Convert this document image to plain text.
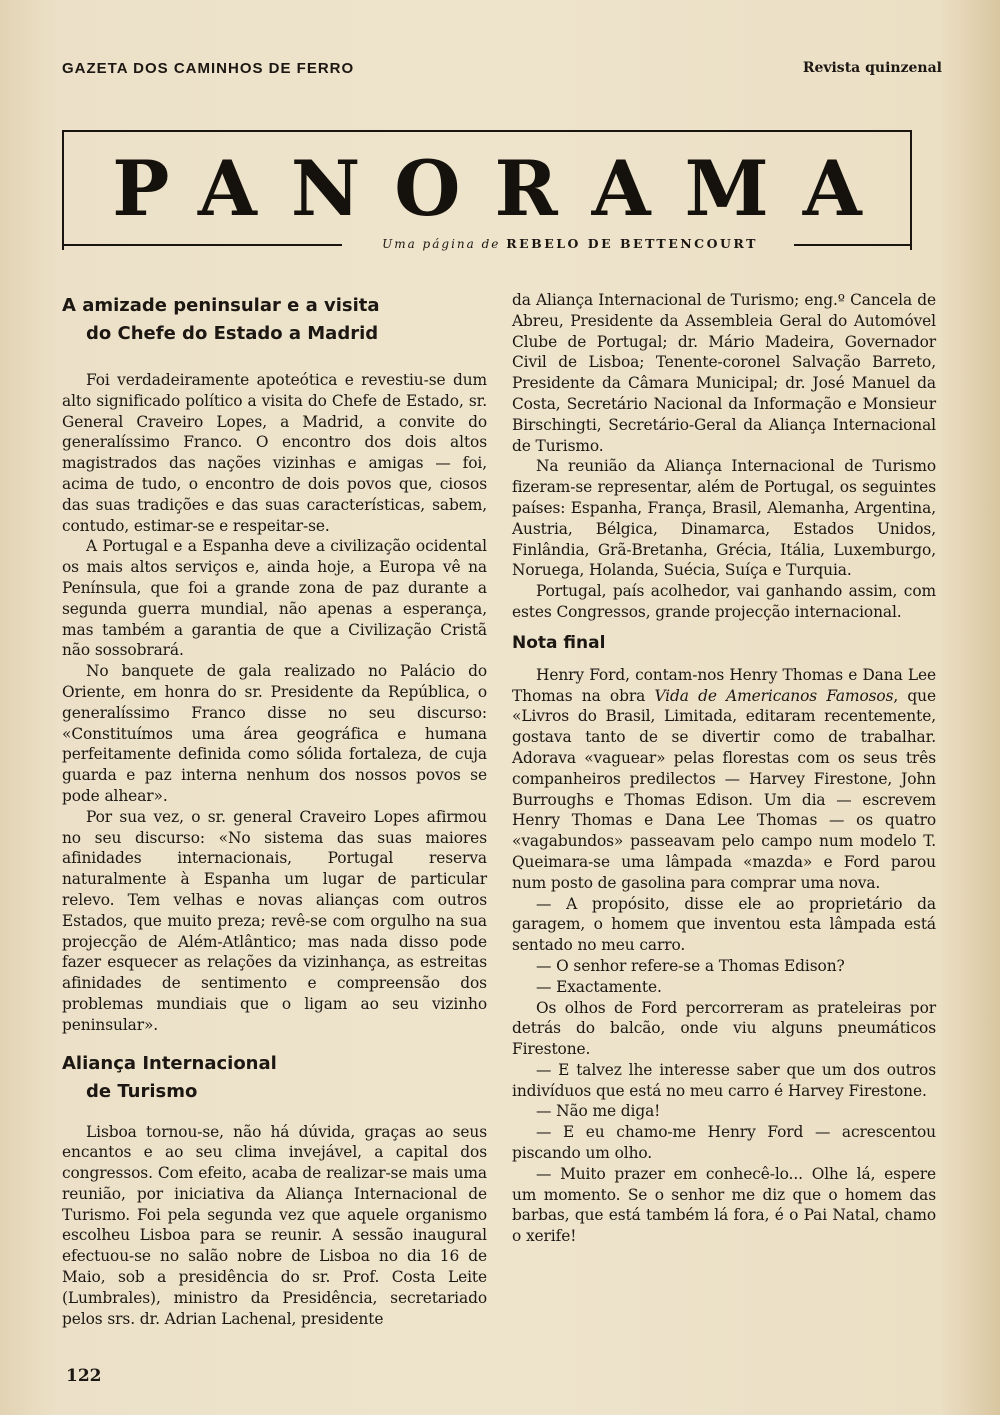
GAZETA DOS CAMINHOS DE FERRO	Revista quinzenal
PANORAMA
Uma página de REBELO DE BETTENCOURT
A amizade peninsular e a visita
do Chefe do Estado a Madrid

Foi verdadeiramente apoteótica e revestiu-se dum alto significado político a visita do Chefe de Estado, sr. General Craveiro Lopes, a Madrid, a convite do generalíssimo Franco. O encontro dos dois altos magistrados das nações vizinhas e amigas — foi, acima de tudo, o encontro de dois povos que, ciosos das suas tradições e das suas características, sabem, contudo, estimar-se e respeitar-se.

A Portugal e a Espanha deve a civilização ocidental os mais altos serviços e, ainda hoje, a Europa vê na Península, que foi a grande zona de paz durante a segunda guerra mundial, não apenas a esperança, mas também a garantia de que a Civilização Cristã não sossobrará.

No banquete de gala realizado no Palácio do Oriente, em honra do sr. Presidente da República, o generalíssimo Franco disse no seu discurso: «Constituímos uma área geográfica e humana perfeitamente definida como sólida fortaleza, de cuja guarda e paz interna nenhum dos nossos povos se pode alhear».

Por sua vez, o sr. general Craveiro Lopes afirmou no seu discurso: «No sistema das suas maiores afinidades internacionais, Portugal reserva naturalmente à Espanha um lugar de particular relevo. Tem velhas e novas alianças com outros Estados, que muito preza; revê-se com orgulho na sua projecção de Além-Atlântico; mas nada disso pode fazer esquecer as relações da vizinhança, as estreitas afinidades de sentimento e compreensão dos problemas mundiais que o ligam ao seu vizinho peninsular».

Aliança Internacional
de Turismo

Lisboa tornou-se, não há dúvida, graças ao seus encantos e ao seu clima invejável, a capital dos congressos. Com efeito, acaba de realizar-se mais uma reunião, por iniciativa da Aliança Internacional de Turismo. Foi pela segunda vez que aquele organismo escolheu Lisboa para se reunir. A sessão inaugural efectuou-se no salão nobre de Lisboa no dia 16 de Maio, sob a presidência do sr. Prof. Costa Leite (Lumbrales), ministro da Presidência, secretariado pelos srs. dr. Adrian Lachenal, presidente

da Aliança Internacional de Turismo; eng.º Cancela de Abreu, Presidente da Assembleia Geral do Automóvel Clube de Portugal; dr. Mário Madeira, Governador Civil de Lisboa; Tenente-coronel Salvação Barreto, Presidente da Câmara Municipal; dr. José Manuel da Costa, Secretário Nacional da Informação e Monsieur Birschingti, Secretário-Geral da Aliança Internacional de Turismo.

Na reunião da Aliança Internacional de Turismo fizeram-se representar, além de Portugal, os seguintes países: Espanha, França, Brasil, Alemanha, Argentina, Austria, Bélgica, Dinamarca, Estados Unidos, Finlândia, Grã-Bretanha, Grécia, Itália, Luxemburgo, Noruega, Holanda, Suécia, Suíça e Turquia.

Portugal, país acolhedor, vai ganhando assim, com estes Congressos, grande projecção internacional.

Nota final

Henry Ford, contam-nos Henry Thomas e Dana Lee Thomas na obra Vida de Americanos Famosos, que «Livros do Brasil, Limitada, editaram recentemente, gostava tanto de se divertir como de trabalhar. Adorava «vaguear» pelas florestas com os seus três companheiros predilectos — Harvey Firestone, John Burroughs e Thomas Edison. Um dia — escrevem Henry Thomas e Dana Lee Thomas — os quatro «vagabundos» passeavam pelo campo num modelo T. Queimara-se uma lâmpada «mazda» e Ford parou num posto de gasolina para comprar uma nova.

— A propósito, disse ele ao proprietário da garagem, o homem que inventou esta lâmpada está sentado no meu carro.

— O senhor refere-se a Thomas Edison?

— Exactamente.

Os olhos de Ford percorreram as prateleiras por detrás do balcão, onde viu alguns pneumáticos Firestone.

— E talvez lhe interesse saber que um dos outros indivíduos que está no meu carro é Harvey Firestone.

— Não me diga!

— E eu chamo-me Henry Ford — acrescentou piscando um olho.

— Muito prazer em conhecê-lo... Olhe lá, espere um momento. Se o senhor me diz que o homem das barbas, que está também lá fora, é o Pai Natal, chamo o xerife!

122
